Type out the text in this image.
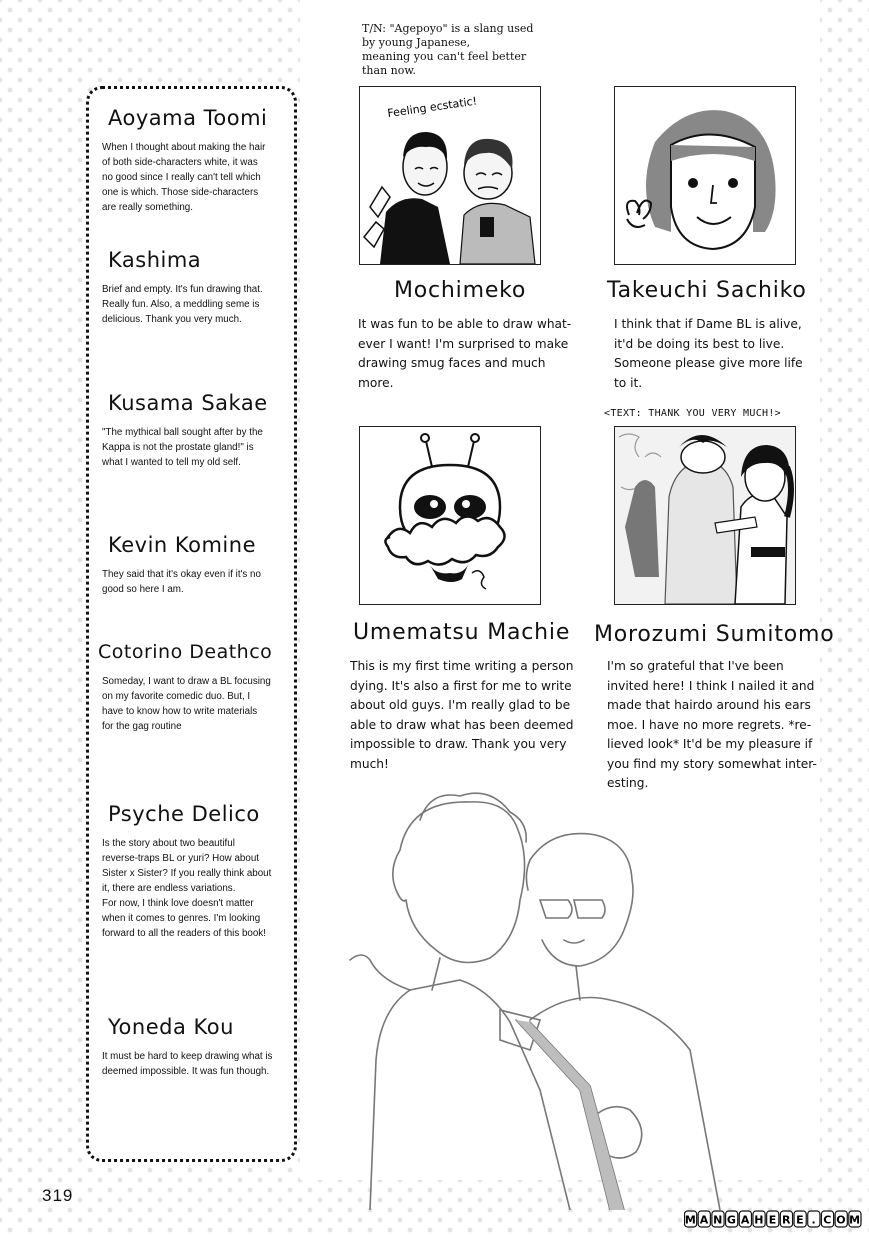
T/N: "Agepoyo" is a slang used
by young Japanese,
meaning you can't feel better
than now.
Aoyama Toomi
When I thought about making the hair
of both side-characters white, it was
no good since I really can't tell which
one is which. Those side-characters
are really something.
Kashima
Brief and empty. It's fun drawing that.
Really fun. Also, a meddling seme is
delicious. Thank you very much.
Kusama Sakae
"The mythical ball sought after by the
Kappa is not the prostate gland!" is
what I wanted to tell my old self.
Kevin Komine
They said that it's okay even if it's no
good so here I am.
Cotorino Deathco
Someday, I want to draw a BL focusing
on my favorite comedic duo. But, I
have to know how to write materials
for the gag routine
Psyche Delico
Is the story about two beautiful
reverse-traps BL or yuri? How about
Sister x Sister? If you really think about
it, there are endless variations.
For now, I think love doesn't matter
when it comes to genres. I'm looking
forward to all the readers of this book!
Yoneda Kou
It must be hard to keep drawing what is
deemed impossible. It was fun though.
Feeling ecstatic!
Mochimeko
It was fun to be able to draw what-
ever I want! I'm surprised to make
drawing smug faces and much
more.
Takeuchi Sachiko
I think that if Dame BL is alive,
it'd be doing its best to live.
Someone please give more life
to it.
Umematsu Machie
This is my first time writing a person
dying. It's also a first for me to write
about old guys. I'm really glad to be
able to draw what has been deemed
impossible to draw. Thank you very
much!
<TEXT: THANK YOU VERY MUCH!>
Morozumi Sumitomo
I'm so grateful that I've been
invited here! I think I nailed it and
made that hairdo around his ears
moe. I have no more regrets. *re-
lieved look* It'd be my pleasure if
you find my story somewhat inter-
esting.
319
M A N G A H E R E . C O M
